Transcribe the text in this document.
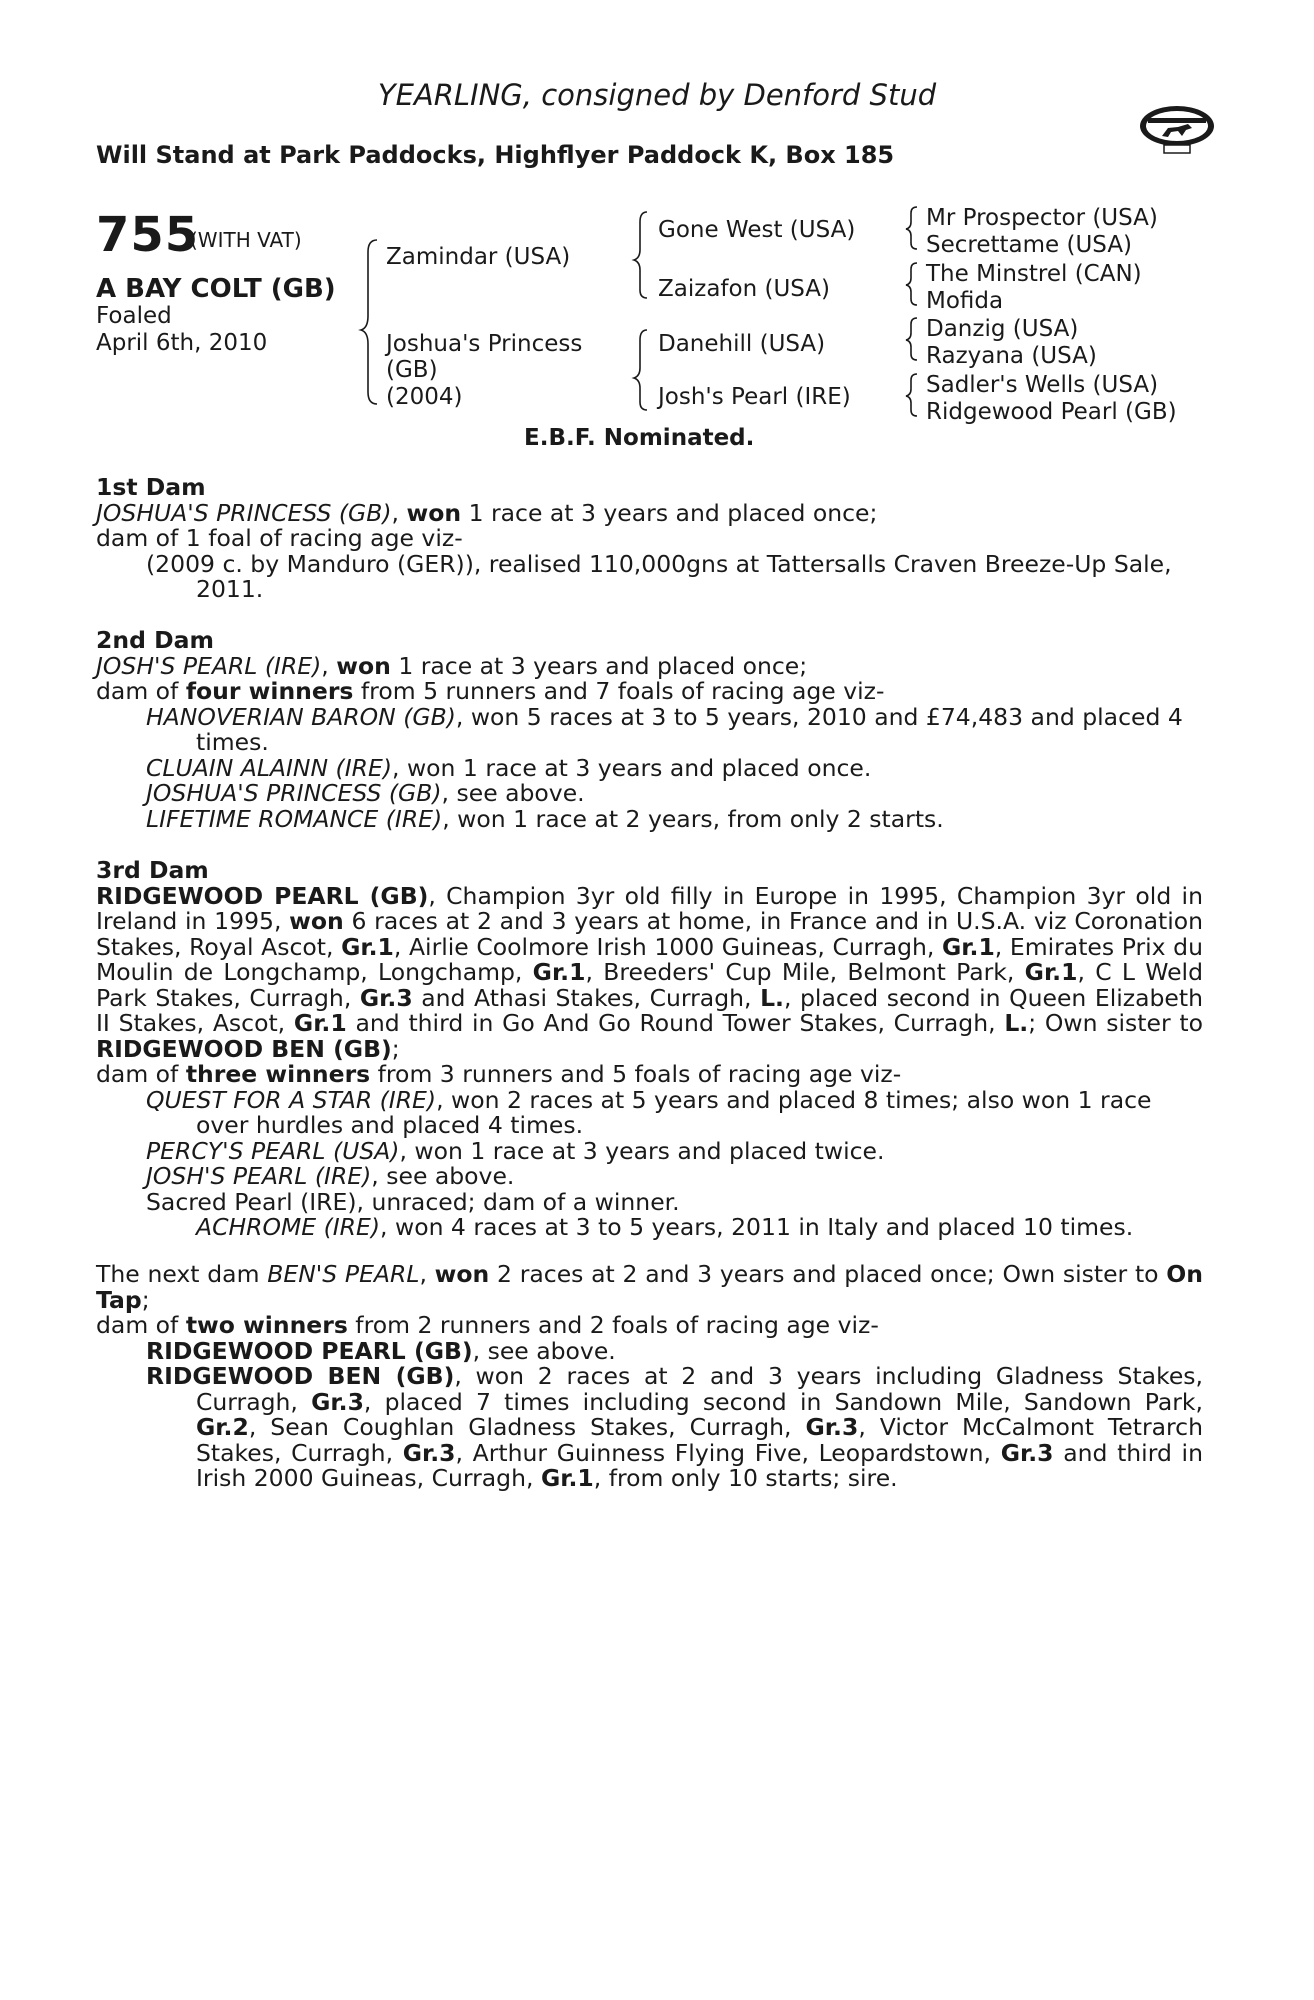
YEARLING, consigned by Denford Stud
Will Stand at Park Paddocks, Highflyer Paddock K, Box 185
755
(WITH VAT)
A BAY COLT (GB)
Foaled
April 6th, 2010
Zamindar (USA)
Joshua's Princess
(GB)
(2004)
Gone West (USA)
Zaizafon (USA)
Danehill (USA)
Josh's Pearl (IRE)
Mr Prospector (USA)
Secrettame (USA)
The Minstrel (CAN)
Mofida
Danzig (USA)
Razyana (USA)
Sadler's Wells (USA)
Ridgewood Pearl (GB)
E.B.F. Nominated.

1st Dam

JOSHUA'S PRINCESS (GB), won 1 race at 3 years and placed once;

dam of 1 foal of racing age viz-

(2009 c. by Manduro (GER)), realised 110,000gns at Tattersalls Craven Breeze-Up Sale, 2011.

2nd Dam

JOSH'S PEARL (IRE), won 1 race at 3 years and placed once;

dam of four winners from 5 runners and 7 foals of racing age viz-

HANOVERIAN BARON (GB), won 5 races at 3 to 5 years, 2010 and £74,483 and placed 4 times.

CLUAIN ALAINN (IRE), won 1 race at 3 years and placed once.

JOSHUA'S PRINCESS (GB), see above.

LIFETIME ROMANCE (IRE), won 1 race at 2 years, from only 2 starts.

3rd Dam

RIDGEWOOD PEARL (GB), Champion 3yr old filly in Europe in 1995, Champion 3yr old in Ireland in 1995, won 6 races at 2 and 3 years at home, in France and in U.S.A. viz Coronation Stakes, Royal Ascot, Gr.1, Airlie Coolmore Irish 1000 Guineas, Curragh, Gr.1, Emirates Prix du Moulin de Longchamp, Longchamp, Gr.1, Breeders' Cup Mile, Belmont Park, Gr.1, C L Weld Park Stakes, Curragh, Gr.3 and Athasi Stakes, Curragh, L., placed second in Queen Elizabeth II Stakes, Ascot, Gr.1 and third in Go And Go Round Tower Stakes, Curragh, L.; Own sister to RIDGEWOOD BEN (GB);

dam of three winners from 3 runners and 5 foals of racing age viz-

QUEST FOR A STAR (IRE), won 2 races at 5 years and placed 8 times; also won 1 race over hurdles and placed 4 times.

PERCY'S PEARL (USA), won 1 race at 3 years and placed twice.

JOSH'S PEARL (IRE), see above.

Sacred Pearl (IRE), unraced; dam of a winner.

ACHROME (IRE), won 4 races at 3 to 5 years, 2011 in Italy and placed 10 times.

The next dam BEN'S PEARL, won 2 races at 2 and 3 years and placed once; Own sister to On Tap;

dam of two winners from 2 runners and 2 foals of racing age viz-

RIDGEWOOD PEARL (GB), see above.

RIDGEWOOD BEN (GB), won 2 races at 2 and 3 years including Gladness Stakes, Curragh, Gr.3, placed 7 times including second in Sandown Mile, Sandown Park, Gr.2, Sean Coughlan Gladness Stakes, Curragh, Gr.3, Victor McCalmont Tetrarch Stakes, Curragh, Gr.3, Arthur Guinness Flying Five, Leopardstown, Gr.3 and third in Irish 2000 Guineas, Curragh, Gr.1, from only 10 starts; sire.
